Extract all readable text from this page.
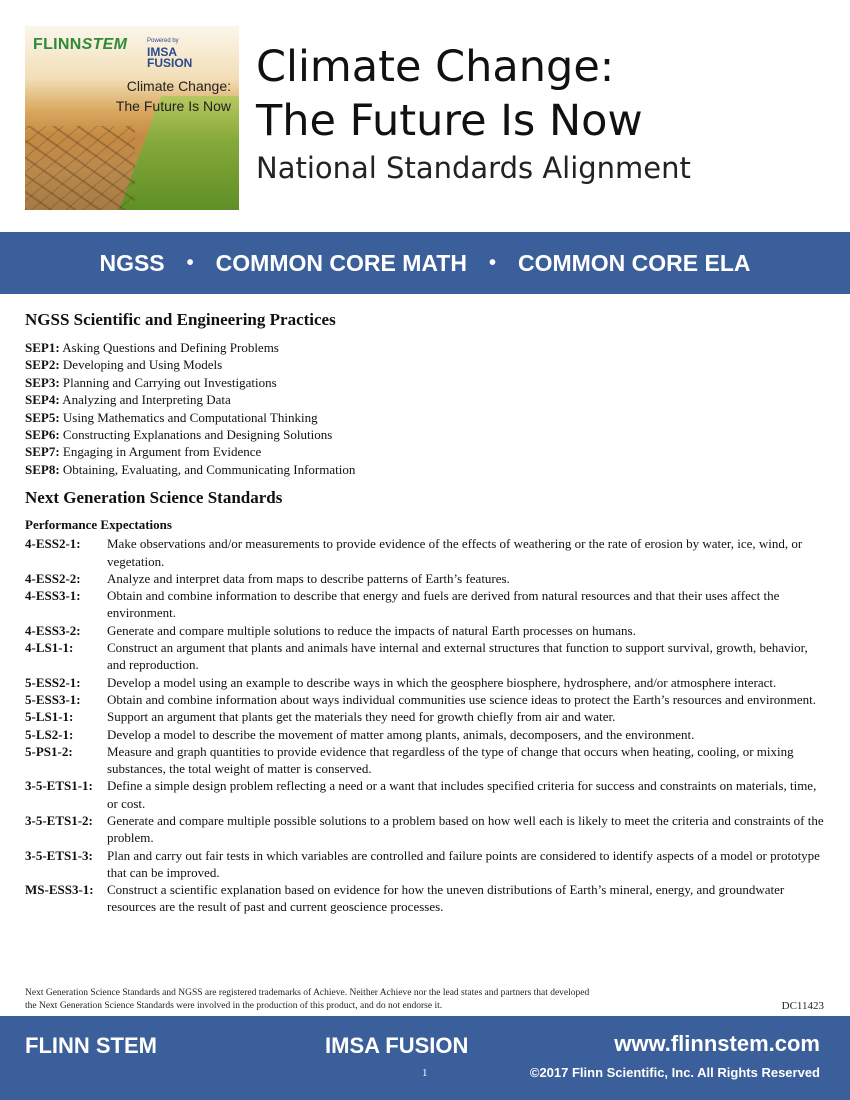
FLINNSTEM	Powered by
IMSA
FUSION
Climate Change:
The Future Is Now
Climate Change:
The Future Is Now
National Standards Alignment
NGSS • COMMON CORE MATH • COMMON CORE ELA
NGSS Scientific and Engineering Practices
SEP1: Asking Questions and Defining Problems
SEP2: Developing and Using Models
SEP3: Planning and Carrying out Investigations
SEP4: Analyzing and Interpreting Data
SEP5: Using Mathematics and Computational Thinking
SEP6: Constructing Explanations and Designing Solutions
SEP7: Engaging in Argument from Evidence
SEP8: Obtaining, Evaluating, and Communicating Information
Next Generation Science Standards
Performance Expectations
4-ESS2-1:	Make observations and/or measurements to provide evidence of the effects of weathering or the rate of erosion by water, ice, wind, or vegetation.
4-ESS2-2:	Analyze and interpret data from maps to describe patterns of Earth’s features.
4-ESS3-1:	Obtain and combine information to describe that energy and fuels are derived from natural resources and that their uses affect the environment.
4-ESS3-2:	Generate and compare multiple solutions to reduce the impacts of natural Earth processes on humans.
4-LS1-1:	Construct an argument that plants and animals have internal and external structures that function to support survival, growth, behavior, and reproduction.
5-ESS2-1:	Develop a model using an example to describe ways in which the geosphere biosphere, hydrosphere, and/or atmosphere interact.
5-ESS3-1:	Obtain and combine information about ways individual communities use science ideas to protect the Earth’s resources and environment.
5-LS1-1:	Support an argument that plants get the materials they need for growth chiefly from air and water.
5-LS2-1:	Develop a model to describe the movement of matter among plants, animals, decomposers, and the environment.
5-PS1-2:	Measure and graph quantities to provide evidence that regardless of the type of change that occurs when heating, cooling, or mixing substances, the total weight of matter is conserved.
3-5-ETS1-1:	Define a simple design problem reflecting a need or a want that includes specified criteria for success and constraints on materials, time, or cost.
3-5-ETS1-2:	Generate and compare multiple possible solutions to a problem based on how well each is likely to meet the criteria and constraints of the problem.
3-5-ETS1-3:	Plan and carry out fair tests in which variables are controlled and failure points are considered to identify aspects of a model or prototype that can be improved.
MS-ESS3-1:	Construct a scientific explanation based on evidence for how the uneven distributions of Earth’s mineral, energy, and groundwater resources are the result of past and current geoscience processes.
Next Generation Science Standards and NGSS are registered trademarks of Achieve. Neither Achieve nor the lead states and partners that developed
the Next Generation Science Standards were involved in the production of this product, and do not endorse it.	DC11423
FLINN STEM	IMSA FUSION	www.flinnstem.com
1	©2017 Flinn Scientific, Inc. All Rights Reserved
